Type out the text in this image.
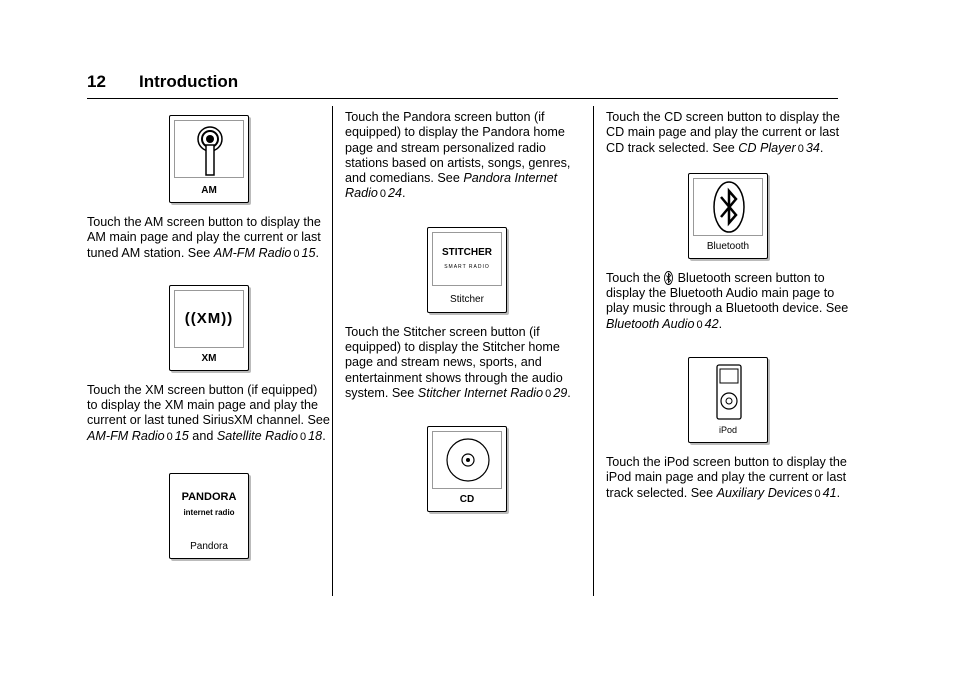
12 Introduction
AM

Touch the AM screen button to display the AM main page and play the current or last tuned AM station. See AM-FM Radio 0 15.

((XM))
XM

Touch the XM screen button (if equipped) to display the XM main page and play the current or last tuned SiriusXM channel. See AM-FM Radio 0 15 and Satellite Radio 0 18.

PANDORA
internet radio
Pandora

Touch the Pandora screen button (if equipped) to display the Pandora home page and stream personalized radio stations based on artists, songs, genres, and comedians. See Pandora Internet Radio 0 24.

STITCHER
SMART RADIO
Stitcher

Touch the Stitcher screen button (if equipped) to display the Stitcher home page and stream news, sports, and entertainment shows through the audio system. See Stitcher Internet Radio 0 29.

CD

Touch the CD screen button to display the CD main page and play the current or last CD track selected. See CD Player 0 34.

Bluetooth

Touch the  Bluetooth screen button to display the Bluetooth Audio main page to play music through a Bluetooth device. See Bluetooth Audio 0 42.

iPod

Touch the iPod screen button to display the iPod main page and play the current or last track selected. See Auxiliary Devices 0 41.
